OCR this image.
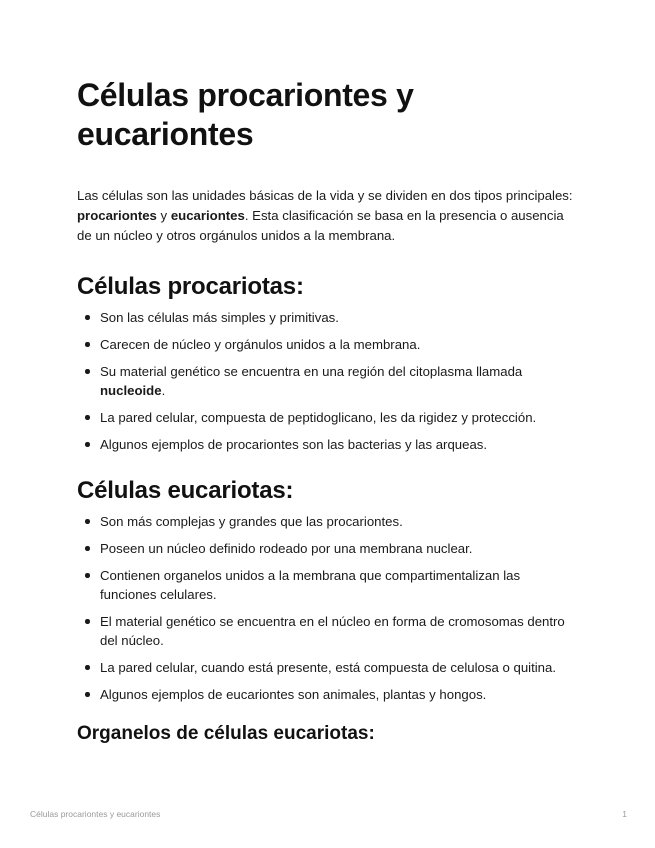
Células procariontes y eucariontes

Las células son las unidades básicas de la vida y se dividen en dos tipos principales: procariontes y eucariontes. Esta clasificación se basa en la presencia o ausencia de un núcleo y otros orgánulos unidos a la membrana.

Células procariotas:
Son las células más simples y primitivas.
Carecen de núcleo y orgánulos unidos a la membrana.
Su material genético se encuentra en una región del citoplasma llamada nucleoide.
La pared celular, compuesta de peptidoglicano, les da rigidez y protección.
Algunos ejemplos de procariontes son las bacterias y las arqueas.
Células eucariotas:
Son más complejas y grandes que las procariontes.
Poseen un núcleo definido rodeado por una membrana nuclear.
Contienen organelos unidos a la membrana que compartimentalizan las funciones celulares.
El material genético se encuentra en el núcleo en forma de cromosomas dentro del núcleo.
La pared celular, cuando está presente, está compuesta de celulosa o quitina.
Algunos ejemplos de eucariontes son animales, plantas y hongos.
Organelos de células eucariotas:
Células procariontes y eucariontes	1
